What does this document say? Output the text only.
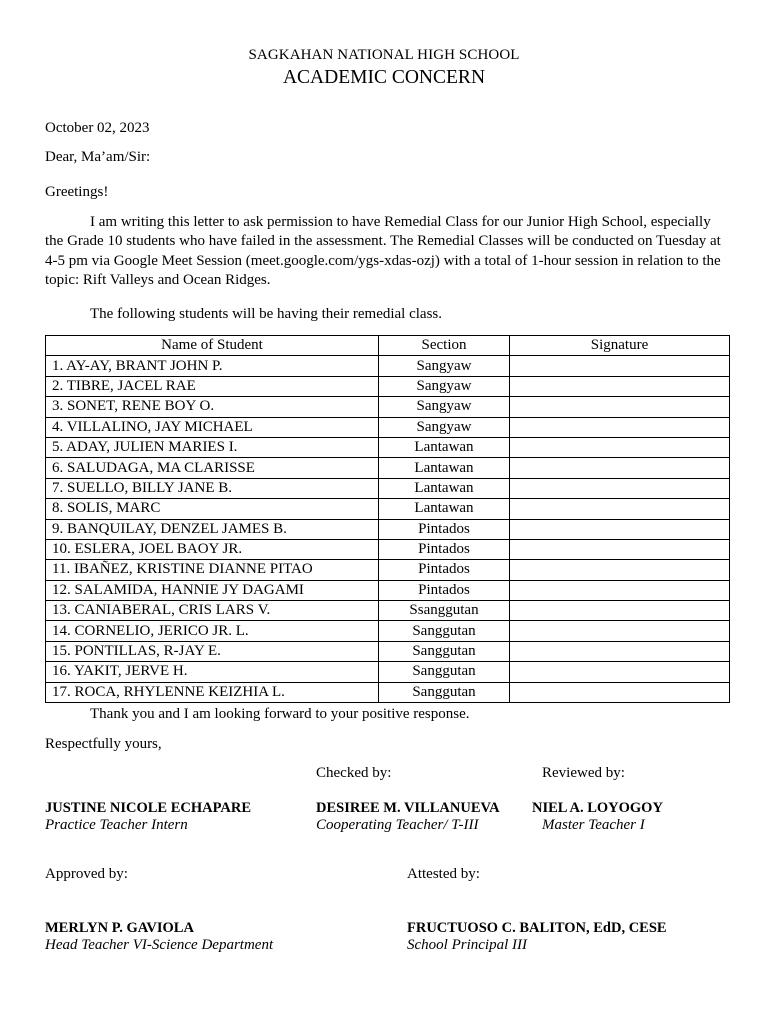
SAGKAHAN NATIONAL HIGH SCHOOL
ACADEMIC CONCERN
October 02, 2023
Dear, Ma’am/Sir:
Greetings!
I am writing this letter to ask permission to have Remedial Class for our Junior High School, especially the Grade 10 students who have failed in the assessment. The Remedial Classes will be conducted on Tuesday at 4-5 pm via Google Meet Session (meet.google.com/ygs-xdas-ozj) with a total of 1-hour session in relation to the topic: Rift Valleys and Ocean Ridges.
The following students will be having their remedial class.
Name of Student	Section	Signature
1. AY-AY, BRANT JOHN P.	Sangyaw	
2. TIBRE, JACEL RAE	Sangyaw	
3. SONET, RENE BOY O.	Sangyaw	
4. VILLALINO, JAY MICHAEL	Sangyaw	
5. ADAY, JULIEN MARIES I.	Lantawan	
6. SALUDAGA, MA CLARISSE	Lantawan	
7. SUELLO, BILLY JANE B.	Lantawan	
8. SOLIS, MARC	Lantawan	
9. BANQUILAY, DENZEL JAMES B.	Pintados	
10. ESLERA, JOEL BAOY JR.	Pintados	
11. IBAÑEZ, KRISTINE DIANNE PITAO	Pintados	
12. SALAMIDA, HANNIE JY DAGAMI	Pintados	
13. CANIABERAL, CRIS LARS V.	Ssanggutan	
14. CORNELIO, JERICO JR. L.	Sanggutan	
15. PONTILLAS, R-JAY E.	Sanggutan	
16. YAKIT, JERVE H.	Sanggutan	
17. ROCA, RHYLENNE KEIZHIA L.	Sanggutan	
Thank you and I am looking forward to your positive response.
Respectfully yours,
Checked by:	Reviewed by:
JUSTINE NICOLE ECHAPARE
Practice Teacher Intern
DESIREE M. VILLANUEVA
Cooperating Teacher/ T-III
NIEL A. LOYOGOY
Master Teacher I
Approved by:	Attested by:
MERLYN P. GAVIOLA
Head Teacher VI-Science Department
FRUCTUOSO C. BALITON, EdD, CESE
School Principal III
